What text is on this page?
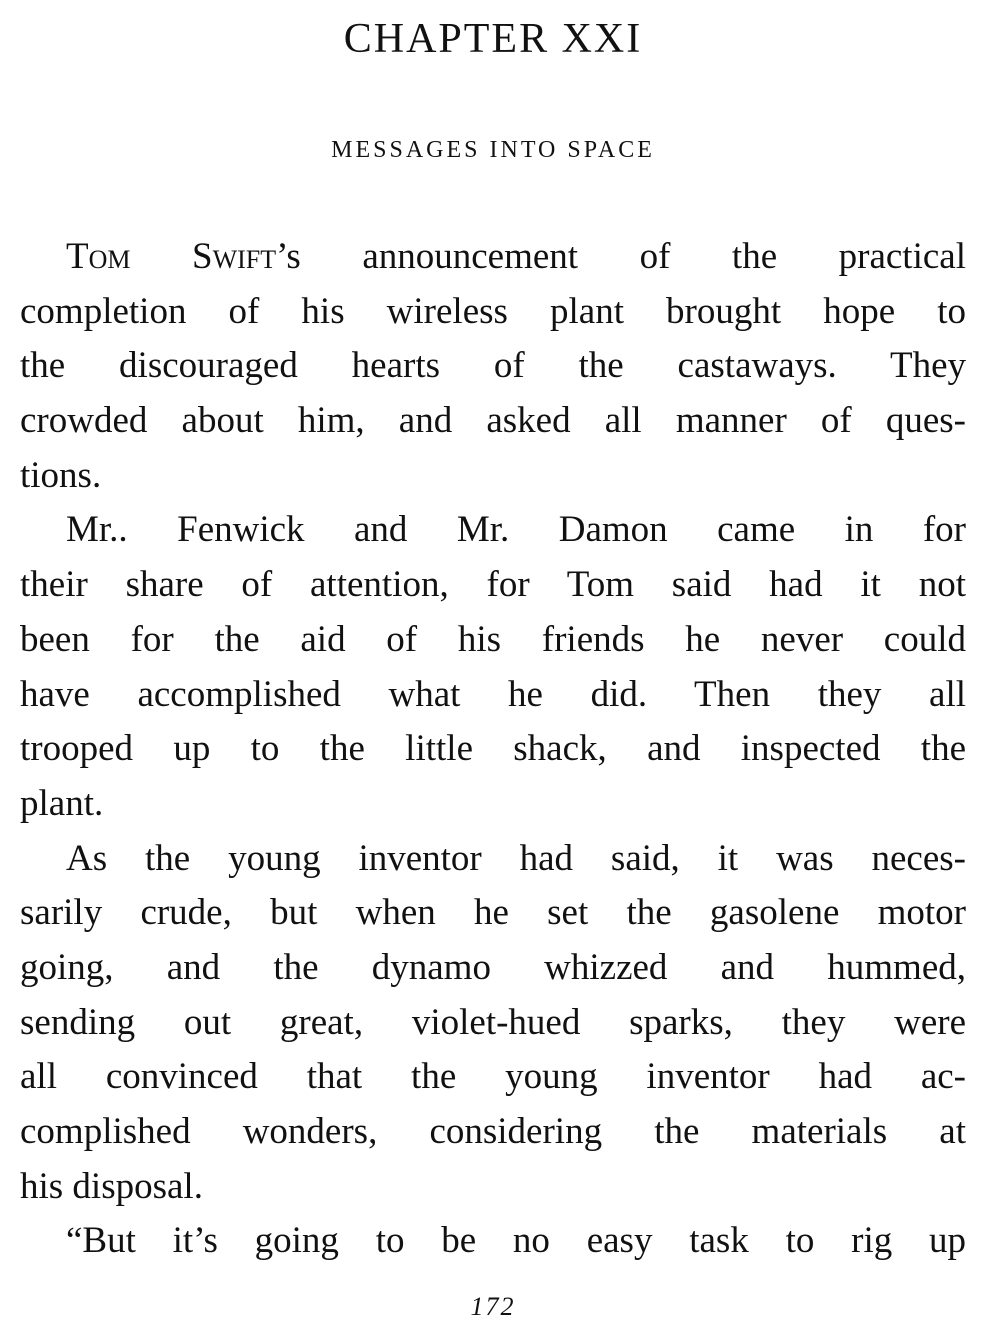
CHAPTER XXI
MESSAGES INTO SPACE
Tom Swift’s announcement of the practical
completion of his wireless plant brought hope to
the discouraged hearts of the castaways. They
crowded about him, and asked all manner of ques-
tions.
Mr.. Fenwick and Mr. Damon came in for
their share of attention, for Tom said had it not
been for the aid of his friends he never could
have accomplished what he did. Then they all
trooped up to the little shack, and inspected the
plant.
As the young inventor had said, it was neces-
sarily crude, but when he set the gasolene motor
going, and the dynamo whizzed and hummed,
sending out great, violet-hued sparks, they were
all convinced that the young inventor had ac-
complished wonders, considering the materials at
his disposal.
“But it’s going to be no easy task to rig up
172
